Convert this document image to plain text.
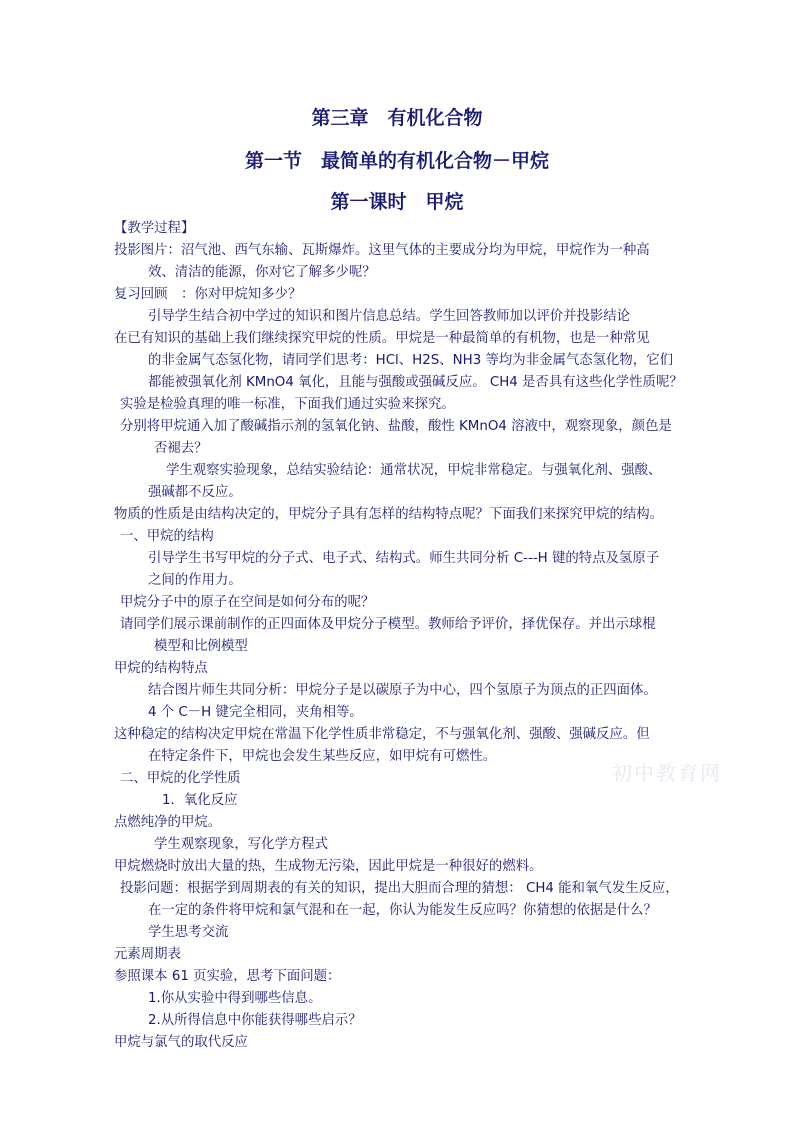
第三章　有机化合物
第一节　最简单的有机化合物－甲烷
第一课时　甲烷
【教学过程】
投影图片：沼气池、西气东输、瓦斯爆炸。这里气体的主要成分均为甲烷，甲烷作为一种高
效、清洁的能源，你对它了解多少呢？
复习回顾　：你对甲烷知多少？
引导学生结合初中学过的知识和图片信息总结。学生回答教师加以评价并投影结论
在已有知识的基础上我们继续探究甲烷的性质。甲烷是一种最简单的有机物，也是一种常见
的非金属气态氢化物，请同学们思考：HCl、H2S、NH3 等均为非金属气态氢化物，它们
都能被强氧化剂 KMnO4 氧化，且能与强酸或强碱反应。 CH4 是否具有这些化学性质呢？
实验是检验真理的唯一标准，下面我们通过实验来探究。
分别将甲烷通入加了酸碱指示剂的氢氧化钠、盐酸，酸性 KMnO4 溶液中，观察现象，颜色是
否褪去？
学生观察实验现象，总结实验结论：通常状况，甲烷非常稳定。与强氧化剂、强酸、
强碱都不反应。
物质的性质是由结构决定的，甲烷分子具有怎样的结构特点呢？下面我们来探究甲烷的结构。
一、甲烷的结构
引导学生书写甲烷的分子式、电子式、结构式。师生共同分析 C---H 键的特点及氢原子
之间的作用力。
甲烷分子中的原子在空间是如何分布的呢？
请同学们展示课前制作的正四面体及甲烷分子模型。教师给予评价，择优保存。并出示球棍
模型和比例模型
甲烷的结构特点
结合图片师生共同分析：甲烷分子是以碳原子为中心，四个氢原子为顶点的正四面体。
4 个 C－H 键完全相同，夹角相等。
这种稳定的结构决定甲烷在常温下化学性质非常稳定，不与强氧化剂、强酸、强碱反应。但
在特定条件下，甲烷也会发生某些反应，如甲烷有可燃性。
二、甲烷的化学性质
1．氧化反应
点燃纯净的甲烷。
学生观察现象，写化学方程式
甲烷燃烧时放出大量的热，生成物无污染，因此甲烷是一种很好的燃料。
投影问题：根据学到周期表的有关的知识，提出大胆而合理的猜想： CH4 能和氧气发生反应，
在一定的条件将甲烷和氯气混和在一起，你认为能发生反应吗？你猜想的依据是什么？
学生思考交流
元素周期表
参照课本 61 页实验，思考下面问题：
1.你从实验中得到哪些信息。
2.从所得信息中你能获得哪些启示？
甲烷与氯气的取代反应
初中教育网
